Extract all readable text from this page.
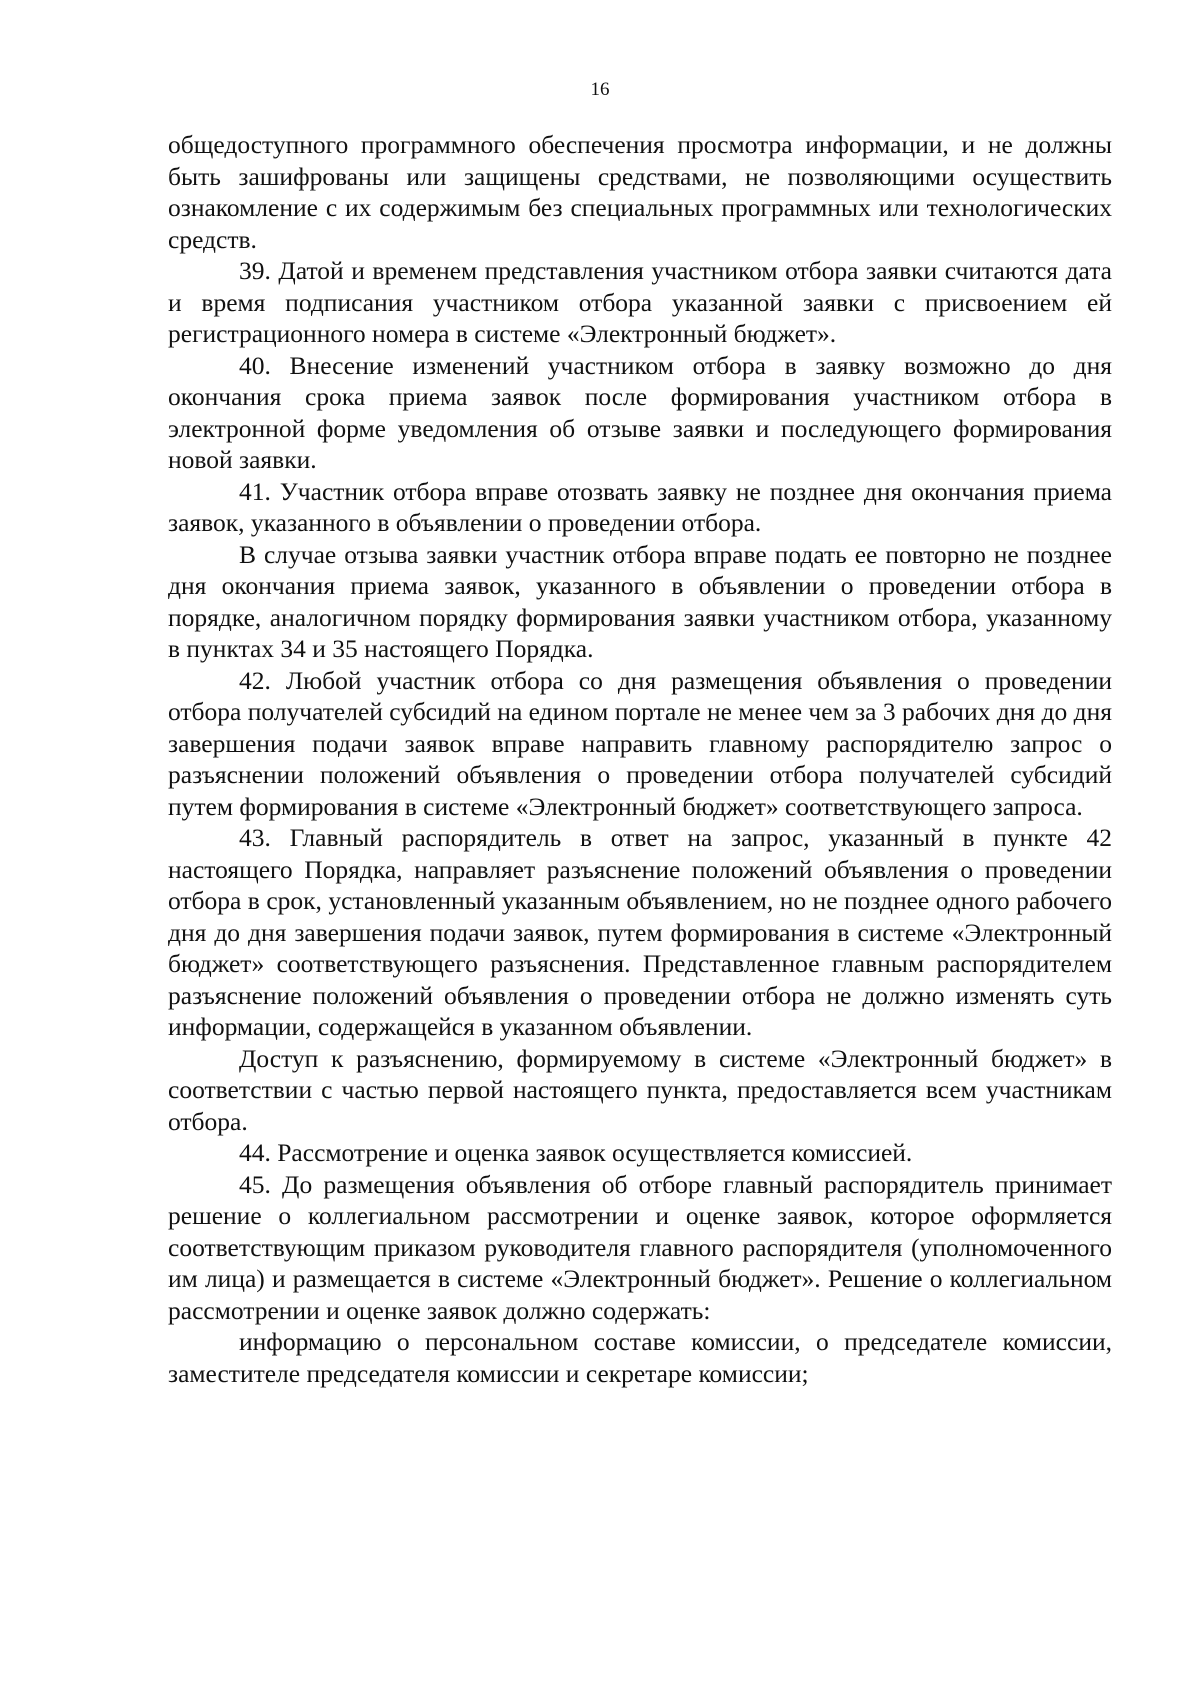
16

общедоступного программного обеспечения просмотра информации, и не должны быть зашифрованы или защищены средствами, не позволяющими осуществить ознакомление с их содержимым без специальных программных или технологических средств.

39. Датой и временем представления участником отбора заявки считаются дата и время подписания участником отбора указанной заявки с присвоением ей регистрационного номера в системе «Электронный бюджет».

40. Внесение изменений участником отбора в заявку возможно до дня окончания срока приема заявок после формирования участником отбора в электронной форме уведомления об отзыве заявки и последующего формирования новой заявки.

41. Участник отбора вправе отозвать заявку не позднее дня окончания приема заявок, указанного в объявлении о проведении отбора.

В случае отзыва заявки участник отбора вправе подать ее повторно не позднее дня окончания приема заявок, указанного в объявлении о проведении отбора в порядке, аналогичном порядку формирования заявки участником отбора, указанному в пунктах 34 и 35 настоящего Порядка.

42. Любой участник отбора со дня размещения объявления о проведении отбора получателей субсидий на едином портале не менее чем за 3 рабочих дня до дня завершения подачи заявок вправе направить главному распорядителю запрос о разъяснении положений объявления о проведении отбора получателей субсидий путем формирования в системе «Электронный бюджет» соответствующего запроса.

43. Главный распорядитель в ответ на запрос, указанный в пункте 42 настоящего Порядка, направляет разъяснение положений объявления о проведении отбора в срок, установленный указанным объявлением, но не позднее одного рабочего дня до дня завершения подачи заявок, путем формирования в системе «Электронный бюджет» соответствующего разъяснения. Представленное главным распорядителем разъяснение положений объявления о проведении отбора не должно изменять суть информации, содержащейся в указанном объявлении.

Доступ к разъяснению, формируемому в системе «Электронный бюджет» в соответствии с частью первой настоящего пункта, предоставляется всем участникам отбора.

44. Рассмотрение и оценка заявок осуществляется комиссией.

45. До размещения объявления об отборе главный распорядитель принимает решение о коллегиальном рассмотрении и оценке заявок, которое оформляется соответствующим приказом руководителя главного распорядителя (уполномоченного им лица) и размещается в системе «Электронный бюджет». Решение о коллегиальном рассмотрении и оценке заявок должно содержать:

информацию о персональном составе комиссии, о председателе комиссии, заместителе председателя комиссии и секретаре комиссии;
